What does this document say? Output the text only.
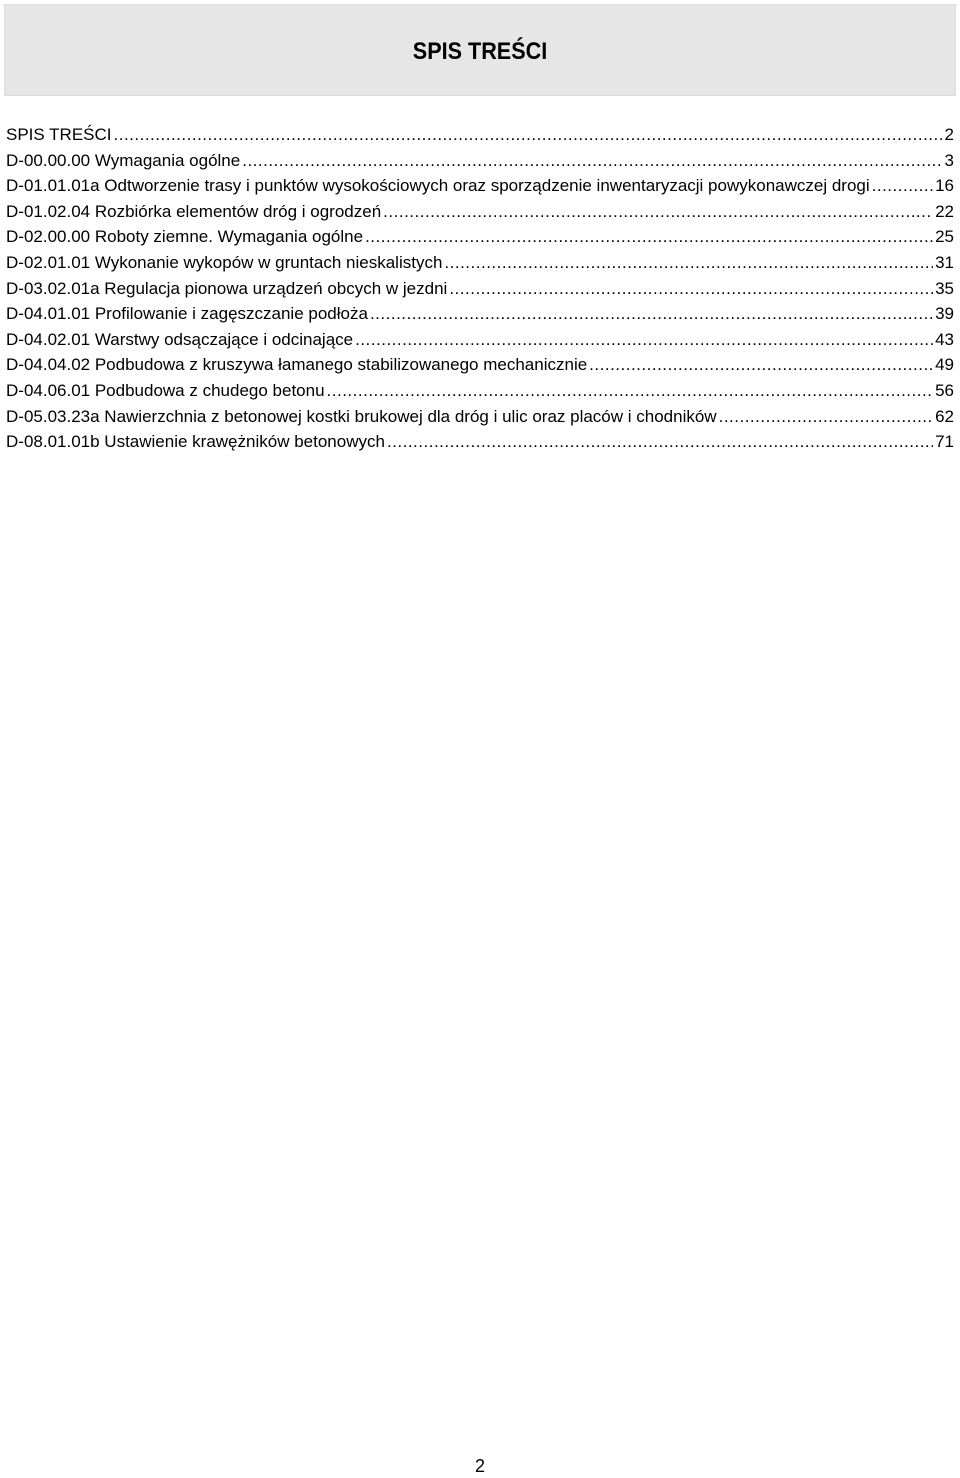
SPIS TREŚCI
SPIS TREŚCI .....	2
D-00.00.00 Wymagania ogólne .....	3
D-01.01.01a Odtworzenie trasy i punktów wysokościowych oraz sporządzenie inwentaryzacji powykonawczej drogi .....	16
D-01.02.04 Rozbiórka elementów dróg i ogrodzeń .....	22
D-02.00.00 Roboty ziemne. Wymagania ogólne .....	25
D-02.01.01 Wykonanie wykopów w gruntach nieskalistych .....	31
D-03.02.01a Regulacja pionowa urządzeń obcych w jezdni .....	35
D-04.01.01 Profilowanie i zagęszczanie podłoża .....	39
D-04.02.01 Warstwy odsączające i odcinające .....	43
D-04.04.02 Podbudowa z kruszywa łamanego stabilizowanego mechanicznie .....	49
D-04.06.01 Podbudowa z chudego betonu .....	56
D-05.03.23a Nawierzchnia z betonowej kostki brukowej dla dróg i ulic oraz placów i chodników .....	62
D-08.01.01b Ustawienie krawężników betonowych .....	71
2
